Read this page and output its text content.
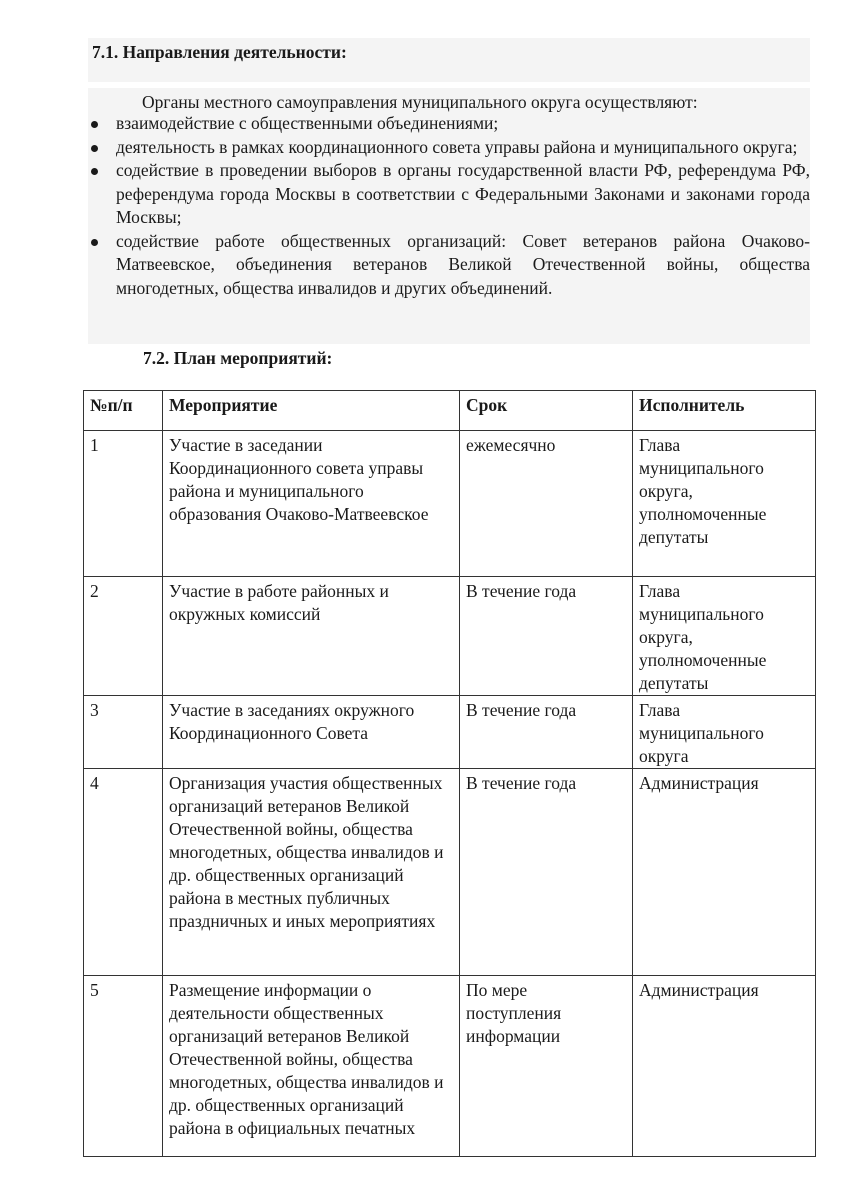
7.1. Направления деятельности:
Органы местного самоуправления муниципального округа осуществляют:
взаимодействие с общественными объединениями;
деятельность в рамках координационного совета управы района и муниципального округа;
содействие в проведении выборов в органы государственной власти РФ, референдума РФ, референдума города Москвы в соответствии с Федеральными Законами и законами города Москвы;
содействие работе общественных организаций: Совет ветеранов района Очаково-Матвеевское, объединения ветеранов Великой Отечественной войны, общества многодетных, общества инвалидов и других объединений.
7.2. План мероприятий:
№п/п	Мероприятие	Срок	Исполнитель
1	Участие в заседании Координационного совета управы района и муниципального образования Очаково-Матвеевское	ежемесячно	Глава муниципального округа, уполномоченные депутаты
2	Участие в работе районных и окружных комиссий	В течение года	Глава муниципального округа, уполномоченные депутаты
3	Участие в заседаниях окружного Координационного Совета	В течение года	Глава муниципального округа
4	Организация участия общественных организаций ветеранов Великой Отечественной войны, общества многодетных, общества инвалидов и др. общественных организаций района в местных публичных праздничных и иных мероприятиях	В течение года	Администрация
5	Размещение информации о деятельности общественных организаций ветеранов Великой Отечественной войны, общества многодетных, общества инвалидов и др. общественных организаций района в официальных печатных	По мере поступления информации	Администрация
